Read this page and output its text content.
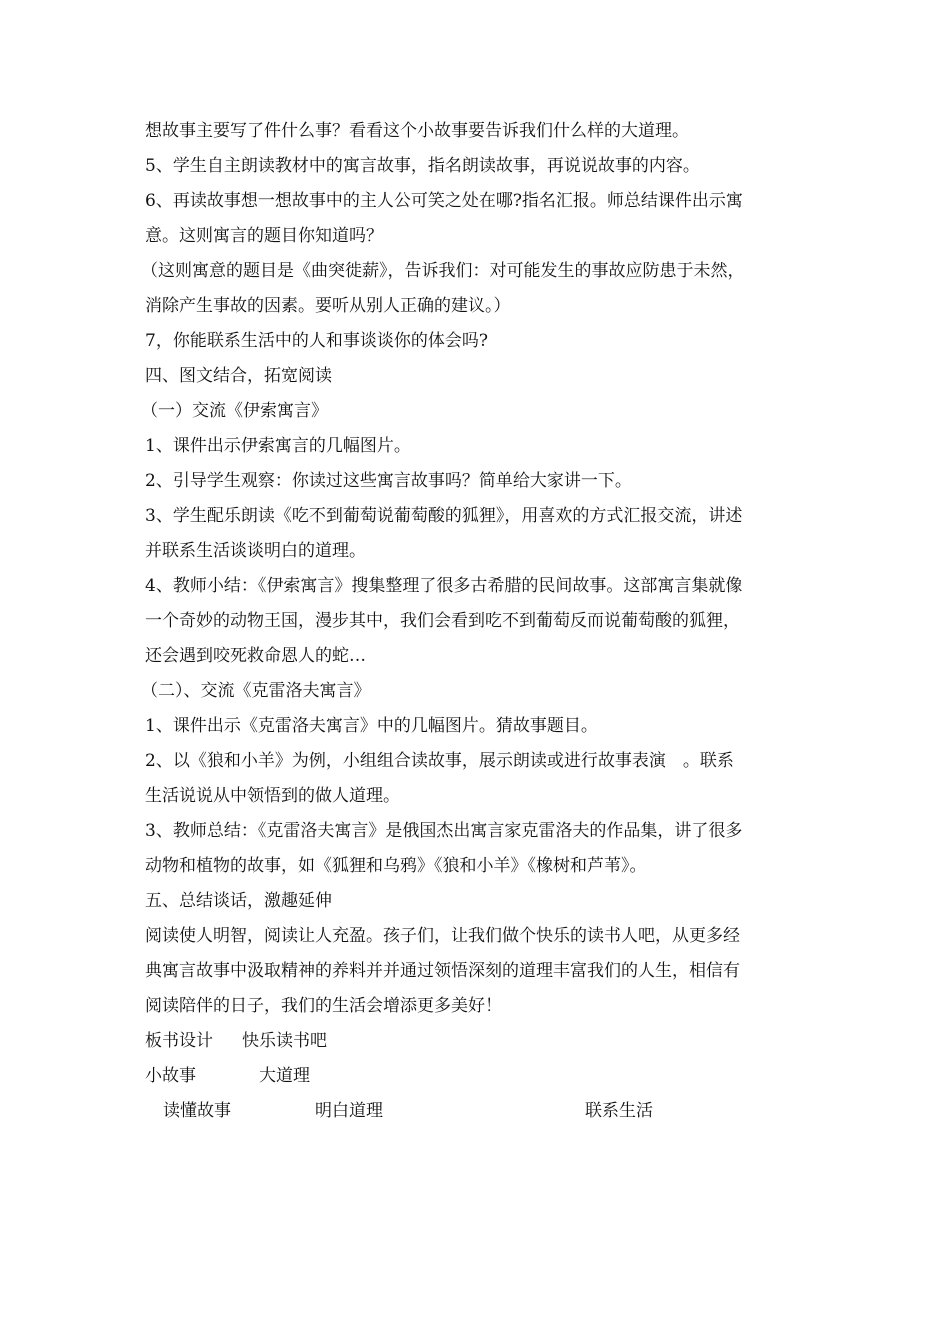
想故事主要写了件什么事？看看这个小故事要告诉我们什么样的大道理。
5、学生自主朗读教材中的寓言故事，指名朗读故事，再说说故事的内容。
6、再读故事想一想故事中的主人公可笑之处在哪?指名汇报。师总结课件出示寓
意。这则寓言的题目你知道吗？
（这则寓意的题目是《曲突徙薪》，告诉我们：对可能发生的事故应防患于未然，
消除产生事故的因素。要听从别人正确的建议。）
7，你能联系生活中的人和事谈谈你的体会吗?
四、图文结合，拓宽阅读
（一）交流《伊索寓言》
1、课件出示伊索寓言的几幅图片。
2、引导学生观察：你读过这些寓言故事吗？简单给大家讲一下。
3、学生配乐朗读《吃不到葡萄说葡萄酸的狐狸》，用喜欢的方式汇报交流，讲述
并联系生活谈谈明白的道理。
4、教师小结：《伊索寓言》搜集整理了很多古希腊的民间故事。这部寓言集就像
一个奇妙的动物王国，漫步其中，我们会看到吃不到葡萄反而说葡萄酸的狐狸，
还会遇到咬死救命恩人的蛇…
（二）、交流《克雷洛夫寓言》
1、课件出示《克雷洛夫寓言》中的几幅图片。猜故事题目。
2、以《狼和小羊》为例，小组组合读故事，展示朗读或进行故事表演　。联系
生活说说从中领悟到的做人道理。
3、教师总结：《克雷洛夫寓言》是俄国杰出寓言家克雷洛夫的作品集，讲了很多
动物和植物的故事，如《狐狸和乌鸦》《狼和小羊》《橡树和芦苇》。
五、总结谈话，激趣延伸
阅读使人明智，阅读让人充盈。孩子们，让我们做个快乐的读书人吧，从更多经
典寓言故事中汲取精神的养料并并通过领悟深刻的道理丰富我们的人生，相信有
阅读陪伴的日子，我们的生活会增添更多美好！
板书设计 快乐读书吧
小故事	大道理
读懂故事	明白道理	联系生活
